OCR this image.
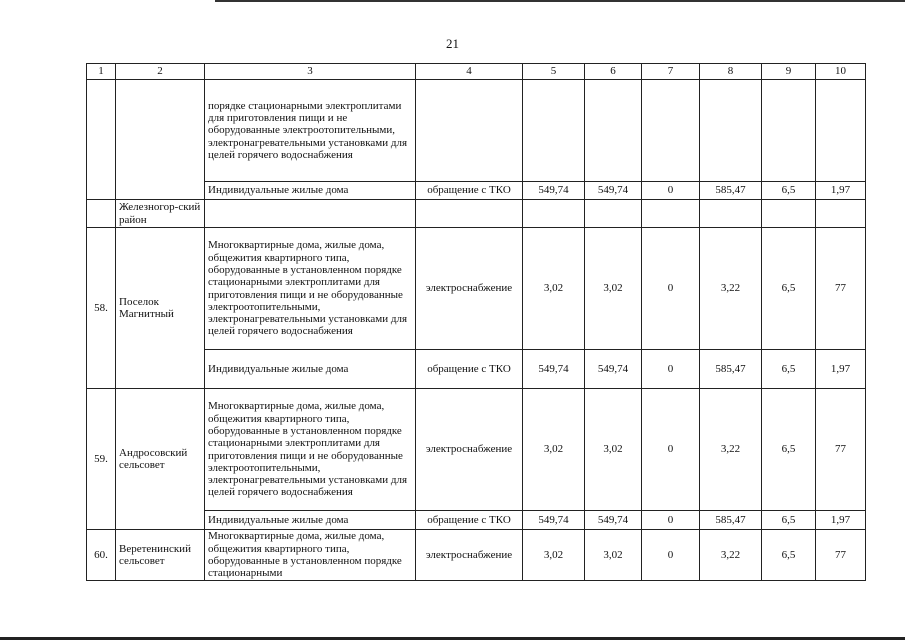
21
1	2	3	4	5	6	7	8	9	10
		порядке стационарными электроплитами для приготовления пищи и не оборудованные электроотопительными, электронагревательными установками для целей горячего водоснабжения							
		Индивидуальные жилые дома	обращение с ТКО	549,74	549,74	0	585,47	6,5	1,97
	Железногор-ский район								
58.	Поселок Магнитный	Многоквартирные дома, жилые дома, общежития квартирного типа, оборудованные в установленном порядке стационарными электроплитами для приготовления пищи и не оборудованные электроотопительными, электронагревательными установками для целей горячего водоснабжения	электроснабжение	3,02	3,02	0	3,22	6,5	77
		Индивидуальные жилые дома	обращение с ТКО	549,74	549,74	0	585,47	6,5	1,97
59.	Андросовский сельсовет	Многоквартирные дома, жилые дома, общежития квартирного типа, оборудованные в установленном порядке стационарными электроплитами для приготовления пищи и не оборудованные электроотопительными, электронагревательными установками для целей горячего водоснабжения	электроснабжение	3,02	3,02	0	3,22	6,5	77
		Индивидуальные жилые дома	обращение с ТКО	549,74	549,74	0	585,47	6,5	1,97
60.	Веретенинский сельсовет	Многоквартирные дома, жилые дома, общежития квартирного типа, оборудованные в установленном порядке стационарными	электроснабжение	3,02	3,02	0	3,22	6,5	77
